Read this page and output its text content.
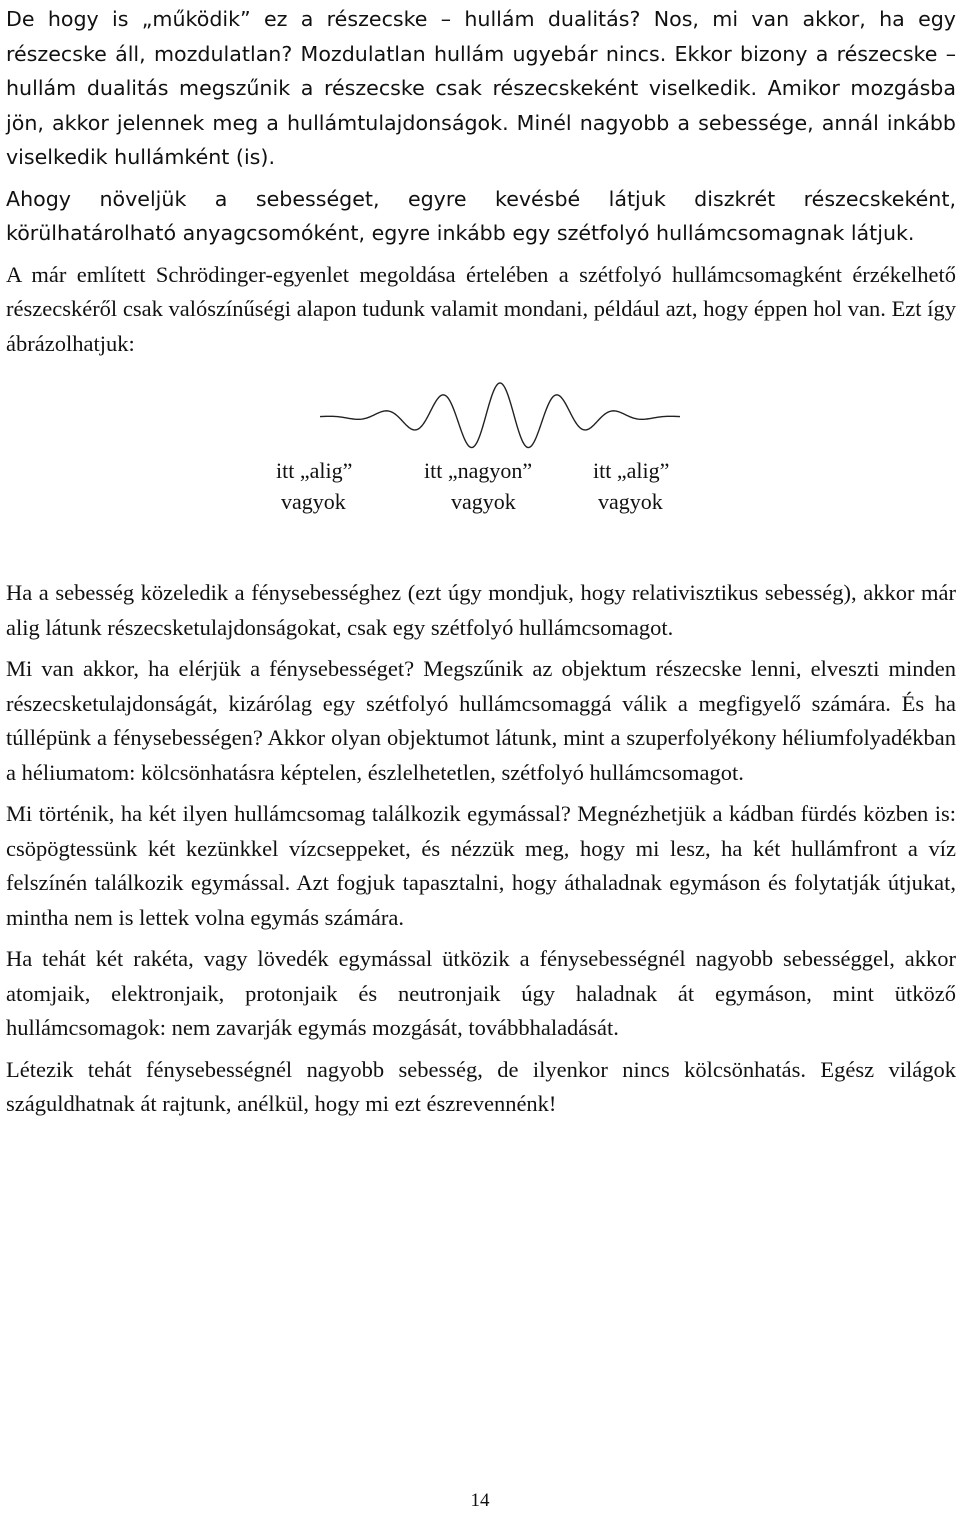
De hogy is „működik” ez a részecske – hullám dualitás? Nos, mi van akkor, ha egy részecske áll, mozdulatlan? Mozdulatlan hullám ugyebár nincs. Ekkor bizony a részecske – hullám dualitás megszűnik a részecske csak részecskeként viselkedik. Amikor mozgásba jön, akkor jelennek meg a hullámtulajdonságok. Minél nagyobb a sebessége, annál inkább viselkedik hullámként (is).

Ahogy növeljük a sebességet, egyre kevésbé látjuk diszkrét részecskeként, körülhatárolható anyagcsomóként, egyre inkább egy szétfolyó hullámcsomagnak látjuk.

A már említett Schrödinger-egyenlet megoldása értelében a szétfolyó hullámcsomagként érzékelhető részecskéről csak valószínűségi alapon tudunk valamit mondani, például azt, hogy éppen hol van. Ezt így ábrázolhatjuk:

itt „alig”
vagyok
itt „nagyon”
vagyok
itt „alig”
vagyok

Ha a sebesség közeledik a fénysebességhez (ezt úgy mondjuk, hogy relativisztikus sebesség), akkor már alig látunk részecsketulajdonságokat, csak egy szétfolyó hullámcsomagot.

Mi van akkor, ha elérjük a fénysebességet? Megszűnik az objektum részecske lenni, elveszti minden részecsketulajdonságát, kizárólag egy szétfolyó hullámcsomaggá válik a megfigyelő számára. És ha túllépünk a fénysebességen? Akkor olyan objektumot látunk, mint a szuperfolyékony héliumfolyadékban a héliumatom: kölcsönhatásra képtelen, észlelhetetlen, szétfolyó hullámcsomagot.

Mi történik, ha két ilyen hullámcsomag találkozik egymással? Megnézhetjük a kádban fürdés közben is: csöpögtessünk két kezünkkel vízcseppeket, és nézzük meg, hogy mi lesz, ha két hullámfront a víz felszínén találkozik egymással. Azt fogjuk tapasztalni, hogy áthaladnak egymáson és folytatják útjukat, mintha nem is lettek volna egymás számára.

Ha tehát két rakéta, vagy lövedék egymással ütközik a fénysebességnél nagyobb sebességgel, akkor atomjaik, elektronjaik, protonjaik és neutronjaik úgy haladnak át egymáson, mint ütköző hullámcsomagok: nem zavarják egymás mozgását, továbbhaladását.

Létezik tehát fénysebességnél nagyobb sebesség, de ilyenkor nincs kölcsönhatás. Egész világok száguldhatnak át rajtunk, anélkül, hogy mi ezt észrevennénk!

14
